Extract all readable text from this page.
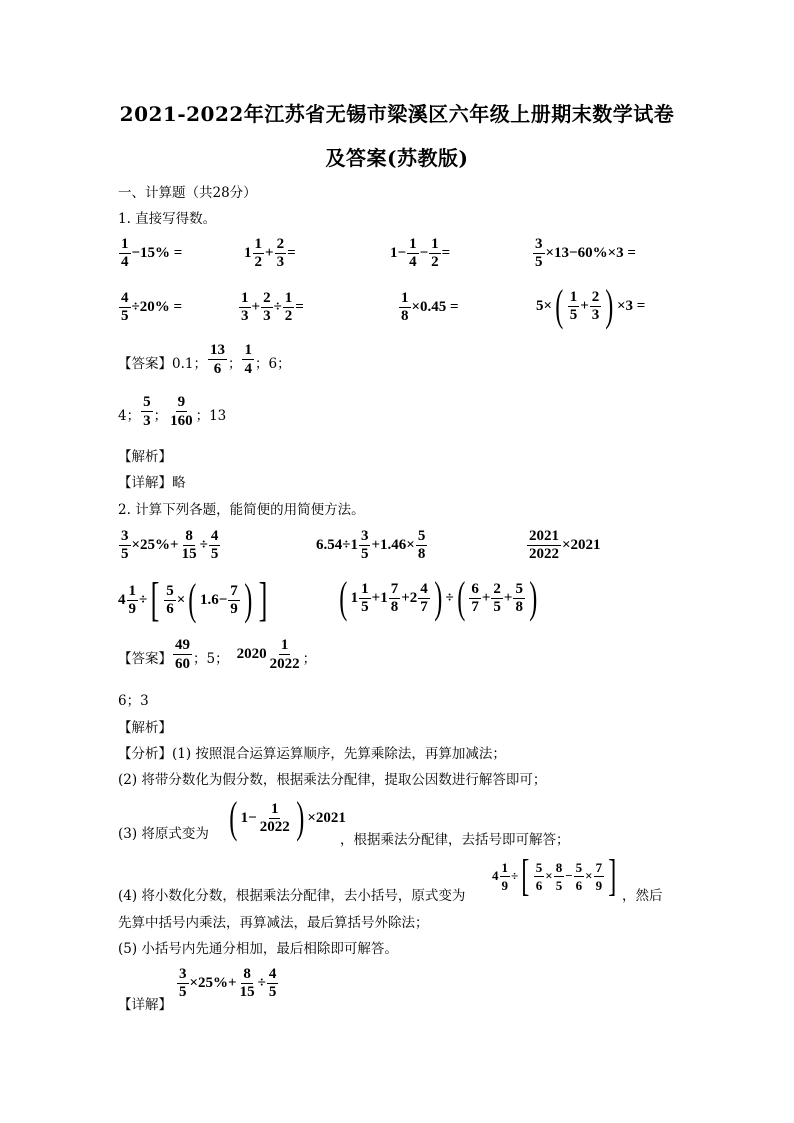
2021-2022年江苏省无锡市梁溪区六年级上册期末数学试卷
及答案(苏教版)
一、计算题（共28分）
1. 直接写得数。
$\frac{1}{4} -15\%$ =	$1 \frac{1}{2} + \frac{2}{3}$ =	$1- \frac{1}{4} - \frac{1}{2}$ =	$\frac{3}{5} \times 13-60\%\times 3$ =
$\frac{4}{5} \div 20\%$ =	$\frac{1}{3} + \frac{2}{3} \div \frac{1}{2}$ =	$\frac{1}{8} \times 0.45$ =	5× ( $\frac{1}{5} + \frac{2}{3}$ ) ×3 =
【答案】 0.1； $\frac{13}{6}$ ； $\frac{1}{4}$ ；6；
4； $\frac{5}{3}$ ； $\frac{9}{160}$ ；13
【解析】
【详解】略
2. 计算下列各题，能简便的用简便方法。
$\frac{3}{5} \times 25\%+ \frac{8}{15} \div \frac{4}{5}$	$6.54\div 1 \frac{3}{5} +1.46\times \frac{5}{8}$	$\frac{2021}{2022} \times 2021$
$4 \frac{1}{9}$ ÷ [ $\frac{5}{6}$ × ( $1.6- \frac{7}{9}$ ) ] ( $1 \frac{1}{5} +1 \frac{7}{8} +2 \frac{4}{7}$ ) ÷ ( $\frac{6}{7} + \frac{2}{5} + \frac{5}{8}$ )
【答案】 $\frac{49}{60}$ ；5； $2020 \frac{1}{2022}$ ；
6；3
【解析】
【分析】(1) 按照混合运算运算顺序，先算乘除法，再算加减法；
(2) 将带分数化为假分数，根据乘法分配律，提取公因数进行解答即可；
(3) 将原式变为 ( $1- \frac{1}{2022}$ ) ×2021
，根据乘法分配律，去括号即可解答；
(4) 将小数化分数，根据乘法分配律，去小括号，原式变为
$4 \frac{1}{9}$ ÷ [ $\frac{5}{6} \times \frac{8}{5} - \frac{5}{6} \times \frac{7}{9}$ ] ，然后
先算中括号内乘法，再算减法，最后算括号外除法；
(5) 小括号内先通分相加，最后相除即可解答。
【详解】
$\frac{3}{5} \times 25\%+ \frac{8}{15} \div \frac{4}{5}$
